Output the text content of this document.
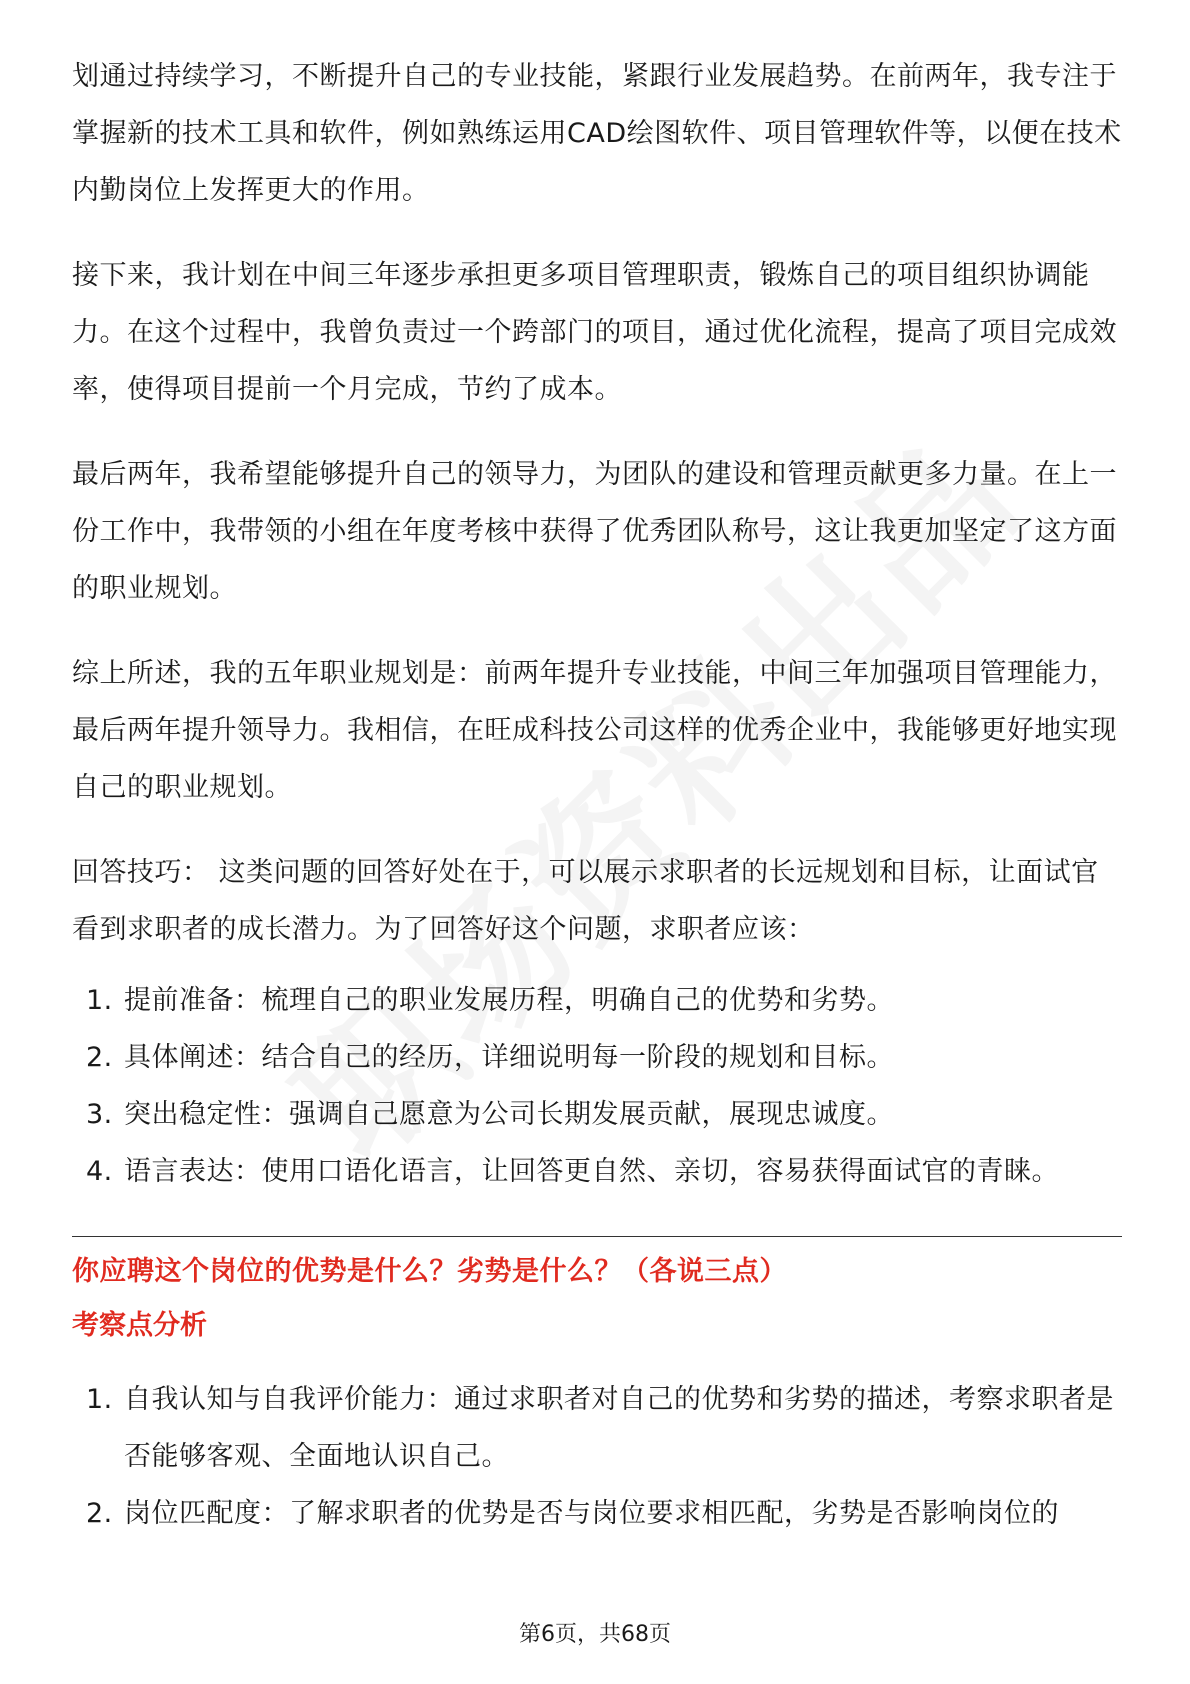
划通过持续学习，不断提升自己的专业技能，紧跟行业发展趋势。在前两年，我专注于掌握新的技术工具和软件，例如熟练运用CAD绘图软件、项目管理软件等，以便在技术内勤岗位上发挥更大的作用。

接下来，我计划在中间三年逐步承担更多项目管理职责，锻炼自己的项目组织协调能力。在这个过程中，我曾负责过一个跨部门的项目，通过优化流程，提高了项目完成效率，使得项目提前一个月完成，节约了成本。

最后两年，我希望能够提升自己的领导力，为团队的建设和管理贡献更多力量。在上一份工作中，我带领的小组在年度考核中获得了优秀团队称号，这让我更加坚定了这方面的职业规划。

综上所述，我的五年职业规划是：前两年提升专业技能，中间三年加强项目管理能力，最后两年提升领导力。我相信，在旺成科技公司这样的优秀企业中，我能够更好地实现自己的职业规划。

回答技巧： 这类问题的回答好处在于，可以展示求职者的长远规划和目标，让面试官看到求职者的成长潜力。为了回答好这个问题，求职者应该：

1. 提前准备：梳理自己的职业发展历程，明确自己的优势和劣势。
2. 具体阐述：结合自己的经历，详细说明每一阶段的规划和目标。
3. 突出稳定性：强调自己愿意为公司长期发展贡献，展现忠诚度。
4. 语言表达：使用口语化语言，让回答更自然、亲切，容易获得面试官的青睐。
你应聘这个岗位的优势是什么？劣势是什么？（各说三点）
考察点分析
1. 自我认知与自我评价能力：通过求职者对自己的优势和劣势的描述，考察求职者是否能够客观、全面地认识自己。
2. 岗位匹配度：了解求职者的优势是否与岗位要求相匹配，劣势是否影响岗位的
第6页，共68页
